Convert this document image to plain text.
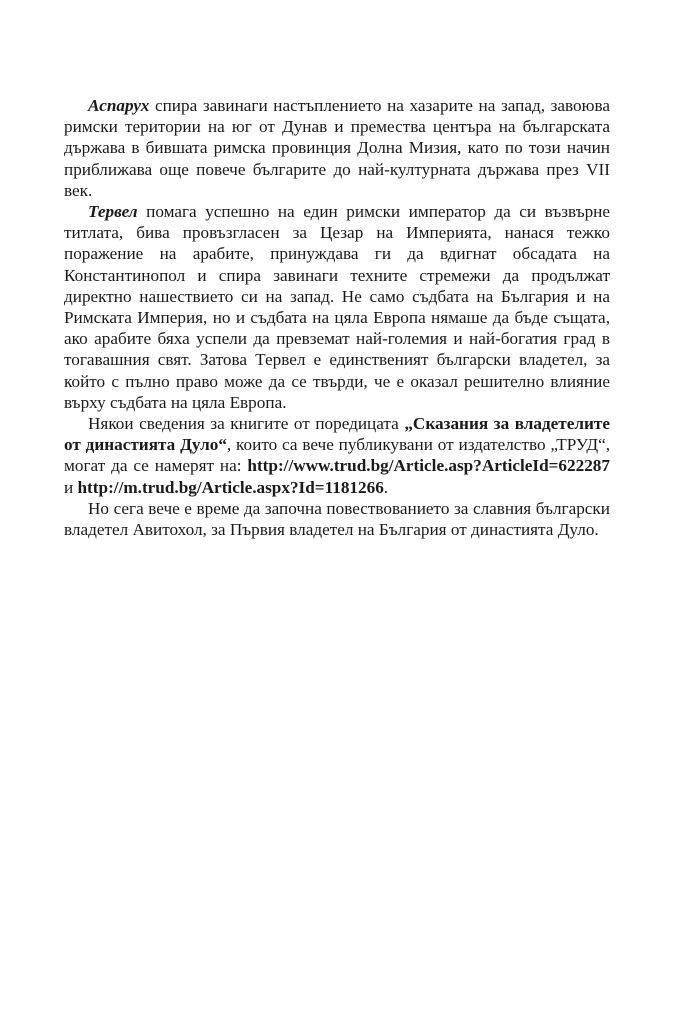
Аспарух спира завинаги настъплението на хазарите на запад, завоюва римски територии на юг от Дунав и премества центъра на българската държава в бившата римска провинция Долна Мизия, като по този начин приближава още повече българите до най-културната държава през VII век.

Тервел помага успешно на един римски император да си възвърне титлата, бива провъзгласен за Цезар на Империята, нанася тежко поражение на арабите, принуждава ги да вдигнат обсадата на Константинопол и спира завинаги техните стремежи да продължат директно нашествието си на запад. Не само съдбата на България и на Римската Империя, но и съдбата на цяла Европа нямаше да бъде същата, ако арабите бяха успели да превземат най-големия и най-богатия град в тогавашния свят. Затова Тервел е единственият български владетел, за който с пълно право може да се твърди, че е оказал решително влияние върху съдбата на цяла Европа.

Някои сведения за книгите от поредицата „Сказания за владетелите от династията Дуло“, които са вече публикувани от издателство „ТРУД“, могат да се намерят на: http://www.trud.bg/Article.asp?ArticleId=622287 и http://m.trud.bg/Article.aspx?Id=1181266.

Но сега вече е време да започна повествованието за славния български владетел Авитохол, за Първия владетел на България от династията Дуло.
